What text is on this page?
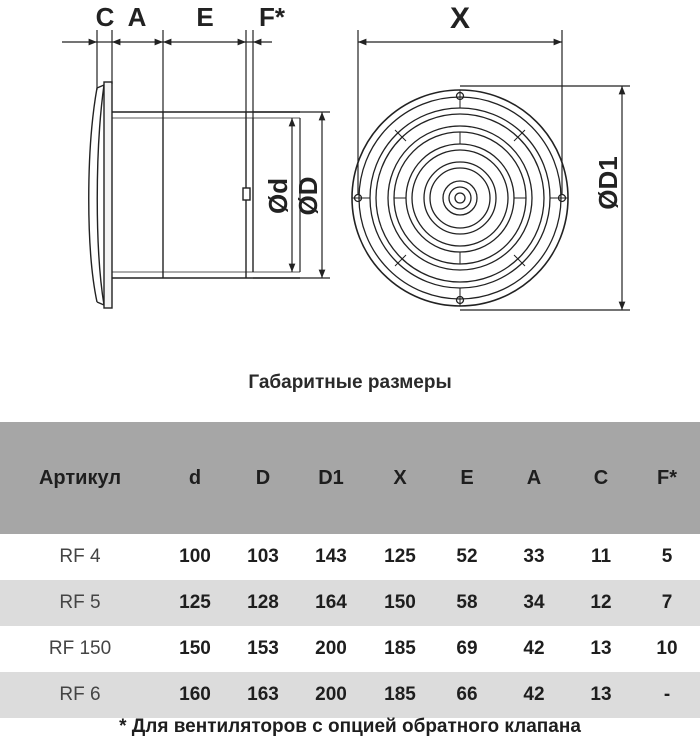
C A E F*
Ød ØD
X
ØD1
Габаритные размеры
Артикул	d	D	D1	X	E	A	C	F*
RF 4	100	103	143	125	52	33	11	5
RF 5	125	128	164	150	58	34	12	7
RF 150	150	153	200	185	69	42	13	10
RF 6	160	163	200	185	66	42	13	-
* Для вентиляторов с опцией обратного клапана
